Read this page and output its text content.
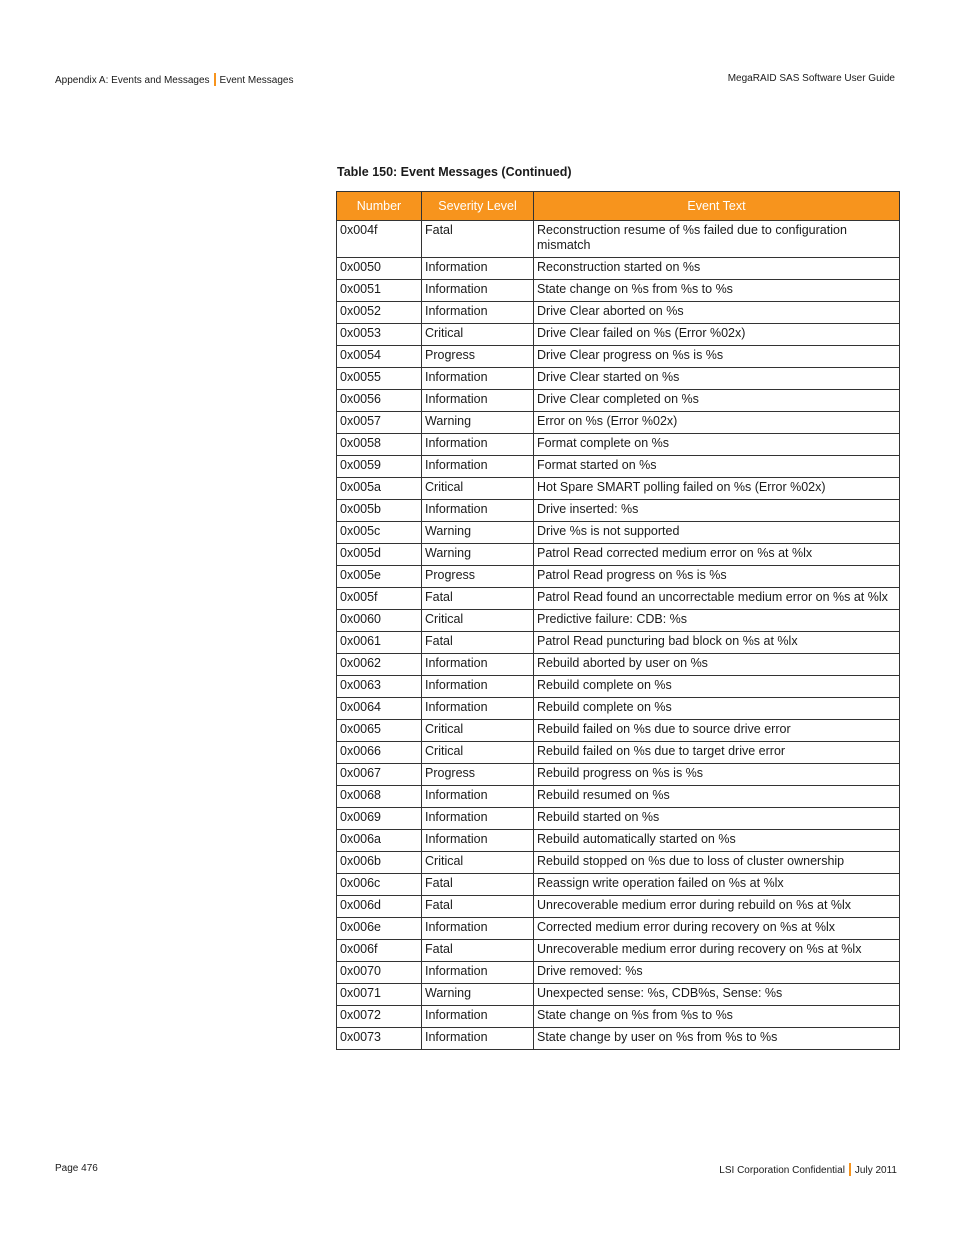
Appendix A: Events and Messages Event Messages	MegaRAID SAS Software User Guide
Table 150: Event Messages (Continued)
Number	Severity Level	Event Text
0x004f	Fatal	Reconstruction resume of %s failed due to configuration mismatch
0x0050	Information	Reconstruction started on %s
0x0051	Information	State change on %s from %s to %s
0x0052	Information	Drive Clear aborted on %s
0x0053	Critical	Drive Clear failed on %s (Error %02x)
0x0054	Progress	Drive Clear progress on %s is %s
0x0055	Information	Drive Clear started on %s
0x0056	Information	Drive Clear completed on %s
0x0057	Warning	Error on %s (Error %02x)
0x0058	Information	Format complete on %s
0x0059	Information	Format started on %s
0x005a	Critical	Hot Spare SMART polling failed on %s (Error %02x)
0x005b	Information	Drive inserted: %s
0x005c	Warning	Drive %s is not supported
0x005d	Warning	Patrol Read corrected medium error on %s at %lx
0x005e	Progress	Patrol Read progress on %s is %s
0x005f	Fatal	Patrol Read found an uncorrectable medium error on %s at %lx
0x0060	Critical	Predictive failure: CDB: %s
0x0061	Fatal	Patrol Read puncturing bad block on %s at %lx
0x0062	Information	Rebuild aborted by user on %s
0x0063	Information	Rebuild complete on %s
0x0064	Information	Rebuild complete on %s
0x0065	Critical	Rebuild failed on %s due to source drive error
0x0066	Critical	Rebuild failed on %s due to target drive error
0x0067	Progress	Rebuild progress on %s is %s
0x0068	Information	Rebuild resumed on %s
0x0069	Information	Rebuild started on %s
0x006a	Information	Rebuild automatically started on %s
0x006b	Critical	Rebuild stopped on %s due to loss of cluster ownership
0x006c	Fatal	Reassign write operation failed on %s at %lx
0x006d	Fatal	Unrecoverable medium error during rebuild on %s at %lx
0x006e	Information	Corrected medium error during recovery on %s at %lx
0x006f	Fatal	Unrecoverable medium error during recovery on %s at %lx
0x0070	Information	Drive removed: %s
0x0071	Warning	Unexpected sense: %s, CDB%s, Sense: %s
0x0072	Information	State change on %s from %s to %s
0x0073	Information	State change by user on %s from %s to %s
Page 476	LSI Corporation Confidential July 2011
